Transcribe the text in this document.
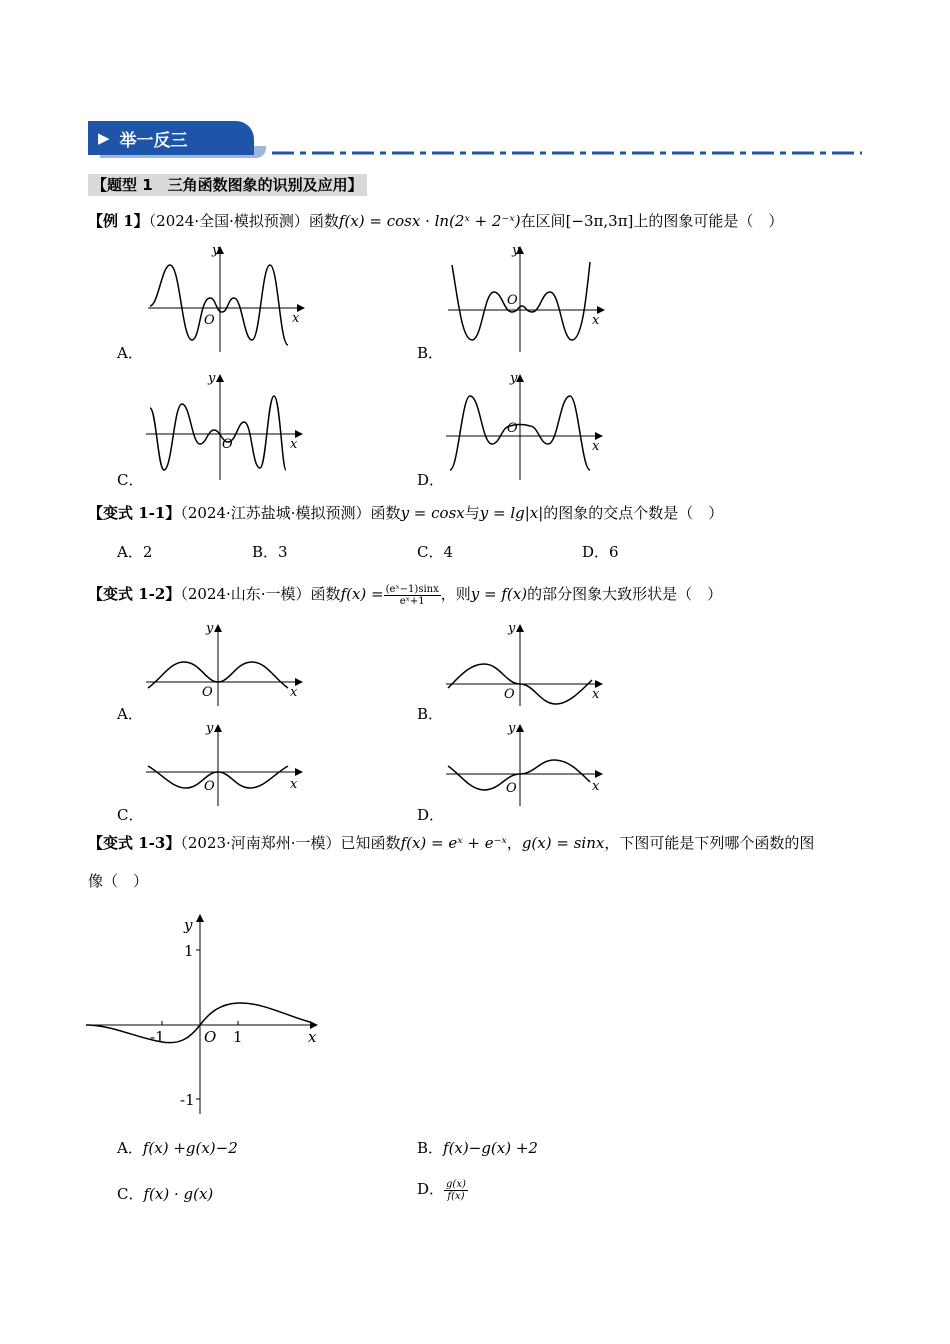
▶ 举一反三
【题型 1　三角函数图象的识别及应用】
【例 1】（2024·全国·模拟预测）函数f(x) = cosx · ln(2ˣ + 2⁻ˣ)在区间[−3π,3π]上的图象可能是（　）
y
x
O
A．
y
x
O
B．
y
x
O
C．
y
x
O
D．
【变式 1-1】（2024·江苏盐城·模拟预测）函数y = cosx与y = lg|x|的图象的交点个数是（　）
A．2	B．3	C．4	D．6
【变式 1-2】（2024·山东·一模）函数$f(x) = \frac{\text{(eˣ−1)sinx}}{\text{eˣ+1}}$ ，则y = f(x)的部分图象大致形状是（　）
y
x
O
A．
y
x
O
B．
y
x
O
C．
y
x
O
D．
【变式 1-3】（2023·河南郑州·一模）已知函数f(x) = eˣ + e⁻ˣ，g(x) = sinx，下图可能是下列哪个函数的图
像（　）
y
x
O
1
-1
1
-1
A．f(x) +g(x)−2	B．f(x)−g(x) +2
C．f(x) · g(x)	D． $\frac{g(x)}{f(x)}$
